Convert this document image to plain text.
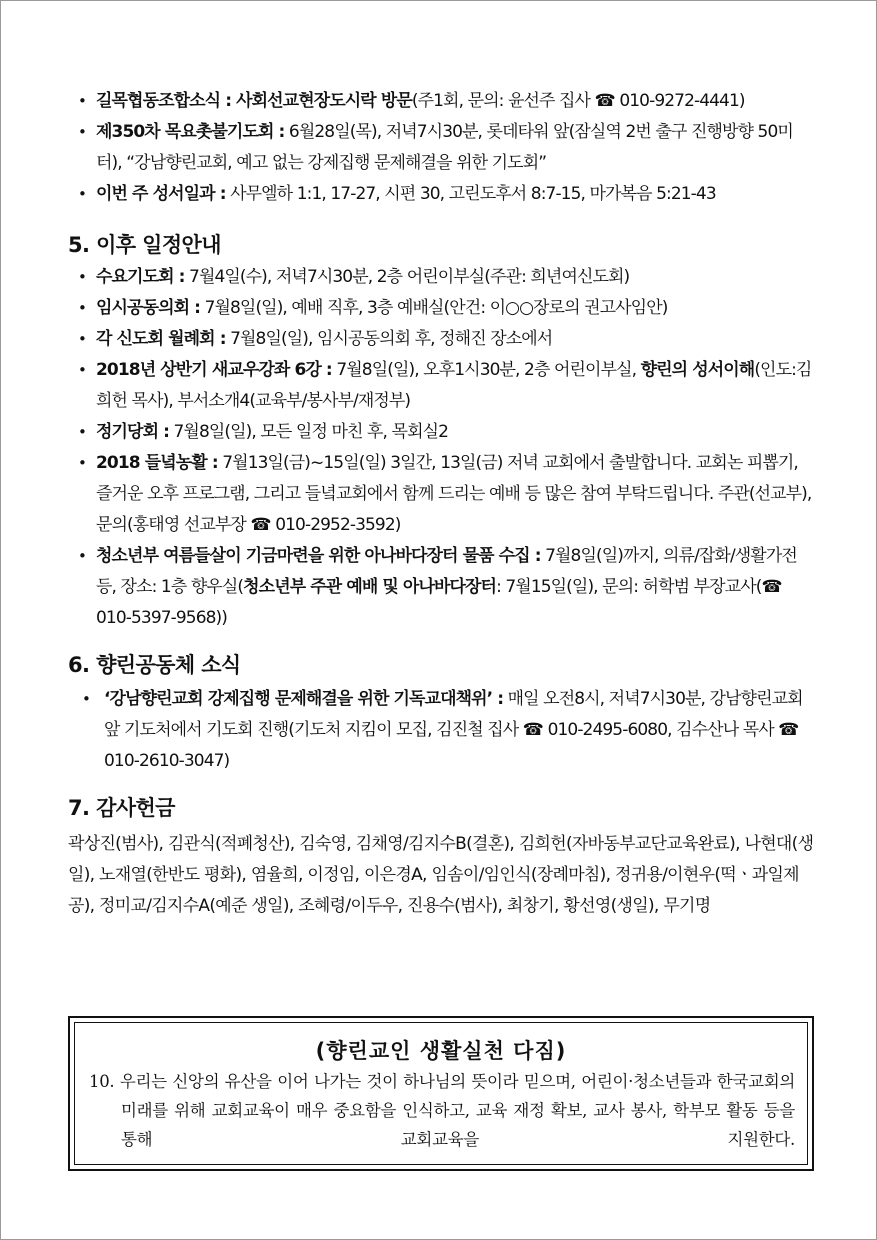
• 길목협동조합소식 : 사회선교현장도시락 방문(주1회, 문의: 윤선주 집사 ☎ 010-9272-4441)

• 제350차 목요촛불기도회 : 6월28일(목), 저녁7시30분, 롯데타워 앞(잠실역 2번 출구 진행방향 50미터), “강남향린교회, 예고 없는 강제집행 문제해결을 위한 기도회”

• 이번 주 성서일과 : 사무엘하 1:1, 17-27, 시편 30, 고린도후서 8:7-15, 마가복음 5:21-43

5. 이후 일정안내

• 수요기도회 : 7월4일(수), 저녁7시30분, 2층 어린이부실(주관: 희년여신도회)

• 임시공동의회 : 7월8일(일), 예배 직후, 3층 예배실(안건: 이○○장로의 권고사임안)

• 각 신도회 월례회 : 7월8일(일), 임시공동의회 후, 정해진 장소에서

• 2018년 상반기 새교우강좌 6강 : 7월8일(일), 오후1시30분, 2층 어린이부실, 향린의 성서이해(인도:김희헌 목사), 부서소개4(교육부/봉사부/재정부)

• 정기당회 : 7월8일(일), 모든 일정 마친 후, 목회실2

• 2018 들녘농활 : 7월13일(금)~15일(일) 3일간, 13일(금) 저녁 교회에서 출발합니다. 교회논 피뽑기, 즐거운 오후 프로그램, 그리고 들녘교회에서 함께 드리는 예배 등 많은 참여 부탁드립니다. 주관(선교부), 문의(홍태영 선교부장 ☎ 010-2952-3592)

• 청소년부 여름들살이 기금마련을 위한 아나바다장터 물품 수집 : 7월8일(일)까지, 의류/잡화/생활가전 등, 장소: 1층 향우실(청소년부 주관 예배 및 아나바다장터: 7월15일(일), 문의: 허학범 부장교사(☎ 010-5397-9568))

6. 향린공동체 소식

• ‘강남향린교회 강제집행 문제해결을 위한 기독교대책위’ : 매일 오전8시, 저녁7시30분, 강남향린교회 앞 기도처에서 기도회 진행(기도처 지킴이 모집, 김진철 집사 ☎ 010-2495-6080, 김수산나 목사 ☎ 010-2610-3047)

7. 감사헌금

곽상진(범사), 김관식(적폐청산), 김숙영, 김채영/김지수B(결혼), 김희헌(자바동부교단교육완료), 나현대(생일), 노재열(한반도 평화), 염율희, 이정임, 이은경A, 임솜이/임인식(장례마침), 정귀용/이현우(떡ㆍ과일제공), 정미교/김지수A(예준 생일), 조혜령/이두우, 진용수(범사), 최창기, 황선영(생일), 무기명

(향린교인 생활실천 다짐)
10. 우리는 신앙의 유산을 이어 나가는 것이 하나님의 뜻이라 믿으며, 어린이·청소년들과 한국교회의 미래를 위해 교회교육이 매우 중요함을 인식하고, 교육 재정 확보, 교사 봉사, 학부모 활동 등을 통해 교회교육을 지원한다.
